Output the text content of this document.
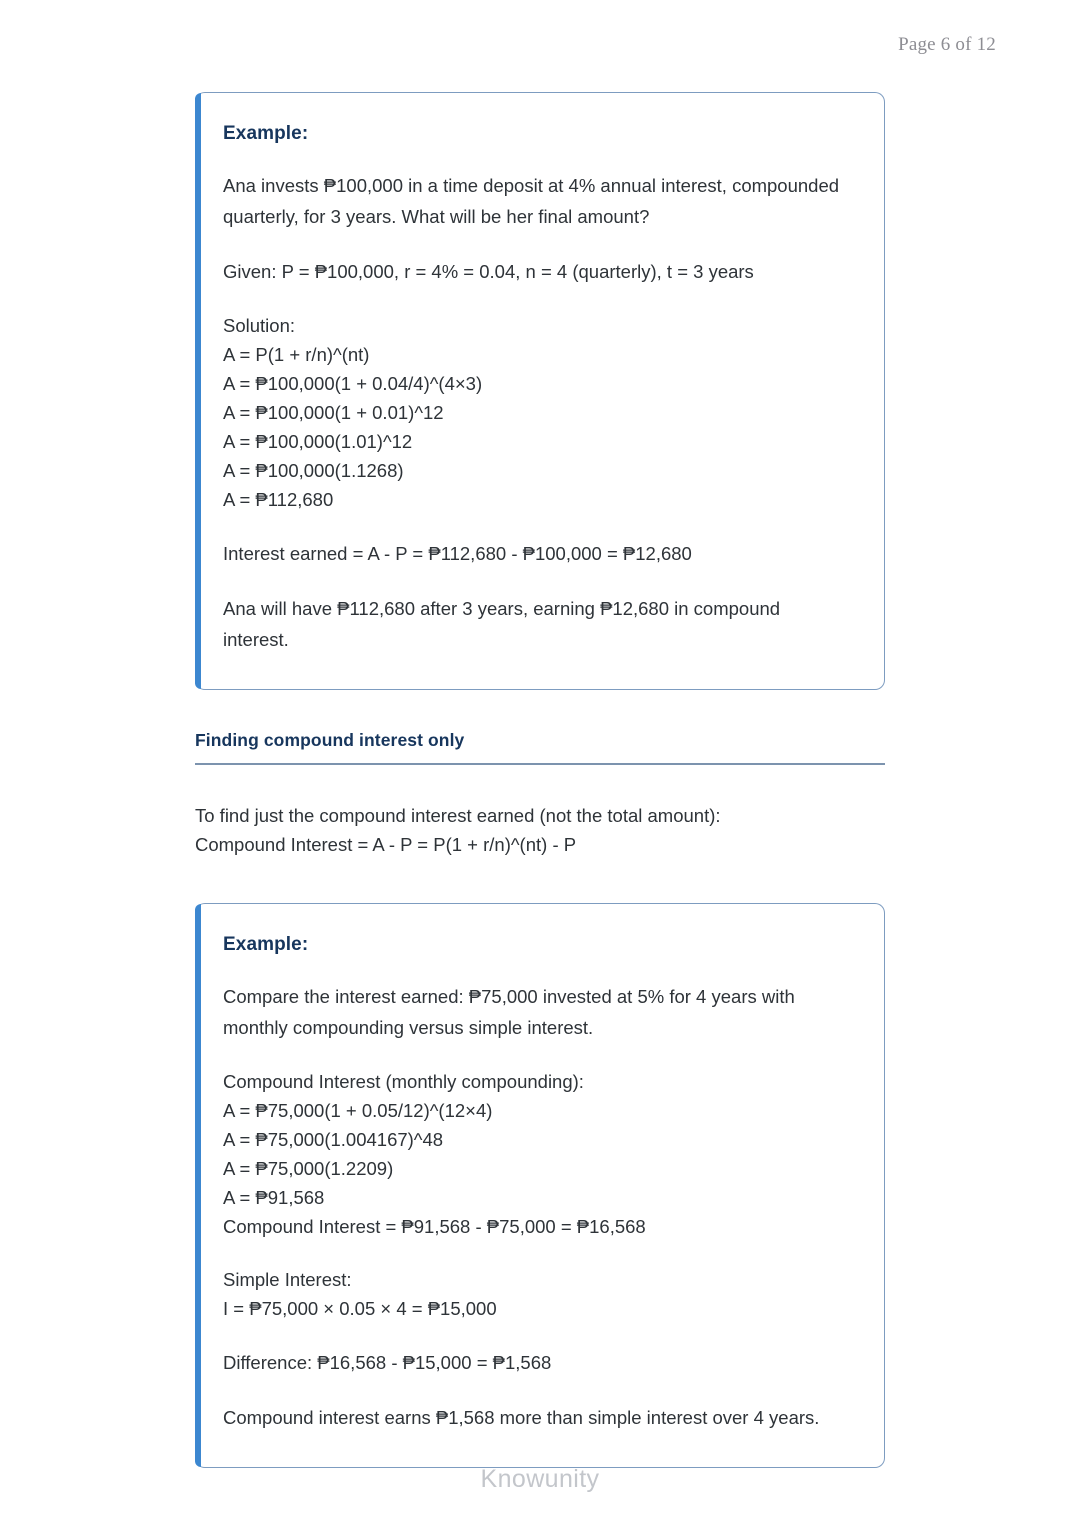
Page 6 of 12
Example:

Ana invests ₱100,000 in a time deposit at 4% annual interest, compounded quarterly, for 3 years. What will be her final amount?

Given: P = ₱100,000, r = 4% = 0.04, n = 4 (quarterly), t = 3 years

Solution:
A = P(1 + r/n)^(nt)
A = ₱100,000(1 + 0.04/4)^(4×3)
A = ₱100,000(1 + 0.01)^12
A = ₱100,000(1.01)^12
A = ₱100,000(1.1268)
A = ₱112,680

Interest earned = A - P = ₱112,680 - ₱100,000 = ₱12,680

Ana will have ₱112,680 after 3 years, earning ₱12,680 in compound interest.

Finding compound interest only
To find just the compound interest earned (not the total amount):
Compound Interest = A - P = P(1 + r/n)^(nt) - P
Example:

Compare the interest earned: ₱75,000 invested at 5% for 4 years with monthly compounding versus simple interest.

Compound Interest (monthly compounding):
A = ₱75,000(1 + 0.05/12)^(12×4)
A = ₱75,000(1.004167)^48
A = ₱75,000(1.2209)
A = ₱91,568
Compound Interest = ₱91,568 - ₱75,000 = ₱16,568
Simple Interest:
I = ₱75,000 × 0.05 × 4 = ₱15,000

Difference: ₱16,568 - ₱15,000 = ₱1,568

Compound interest earns ₱1,568 more than simple interest over 4 years.

Knowunity
